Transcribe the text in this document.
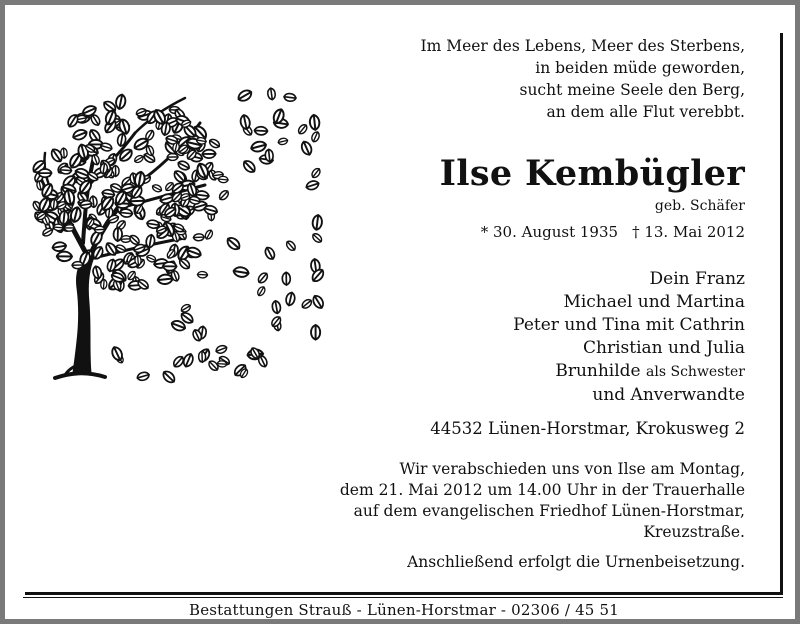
Im Meer des Lebens, Meer des Sterbens,
in beiden müde geworden,
sucht meine Seele den Berg,
an dem alle Flut verebbt.
Ilse Kembügler
geb. Schäfer
* 30. August 1935 † 13. Mai 2012
Dein Franz
Michael und Martina
Peter und Tina mit Cathrin
Christian und Julia
Brunhilde als Schwester
und Anverwandte
44532 Lünen-Horstmar, Krokusweg 2
Wir verabschieden uns von Ilse am Montag,
dem 21. Mai 2012 um 14.00 Uhr in der Trauerhalle
auf dem evangelischen Friedhof Lünen-Horstmar,
Kreuzstraße.
Anschließend erfolgt die Urnenbeisetzung.
Bestattungen Strauß - Lünen-Horstmar - 02306 / 45 51
